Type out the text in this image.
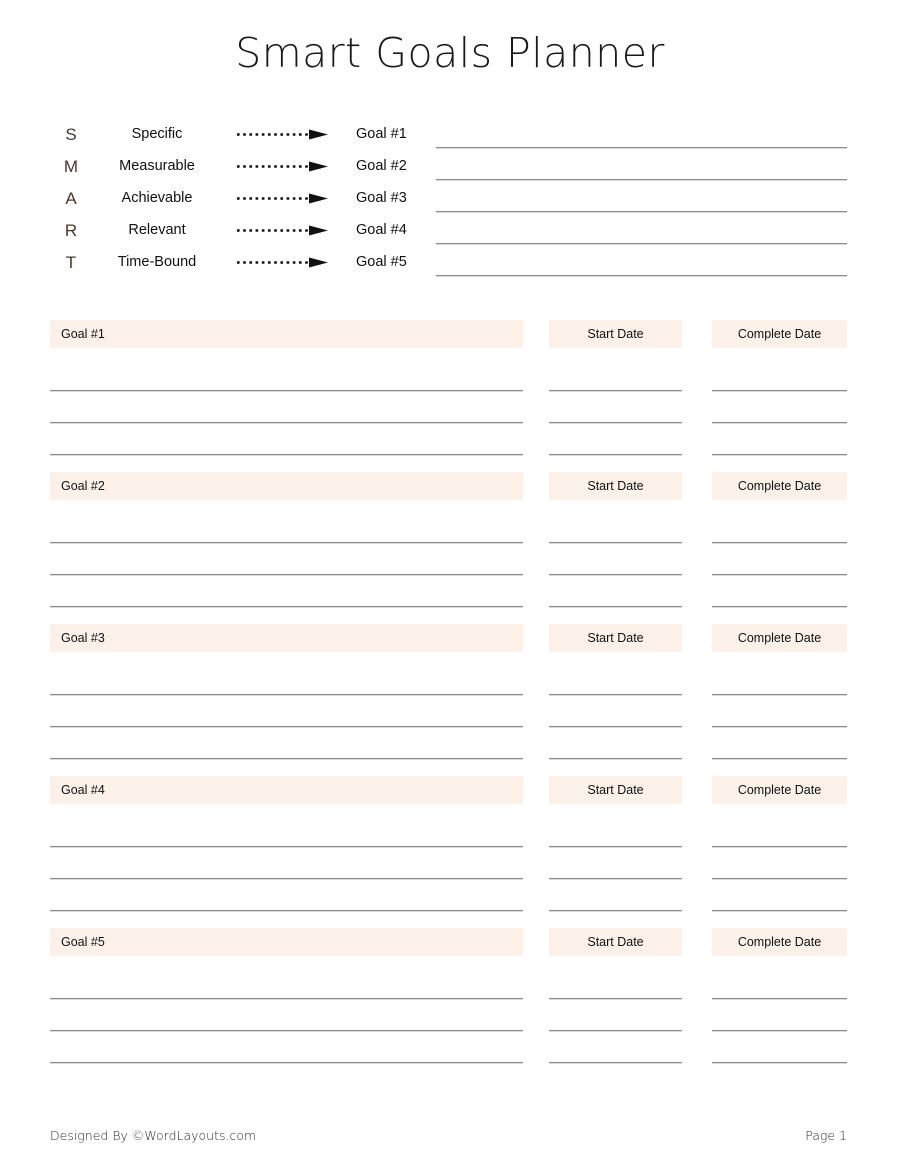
Smart Goals Planner
S	Specific	Goal #1
M	Measurable	Goal #2
A	Achievable	Goal #3
R	Relevant	Goal #4
T	Time-Bound	Goal #5
Goal #1	Start Date	Complete Date
Goal #2	Start Date	Complete Date
Goal #3	Start Date	Complete Date
Goal #4	Start Date	Complete Date
Goal #5	Start Date	Complete Date
Designed By ©WordLayouts.com	Page 1
